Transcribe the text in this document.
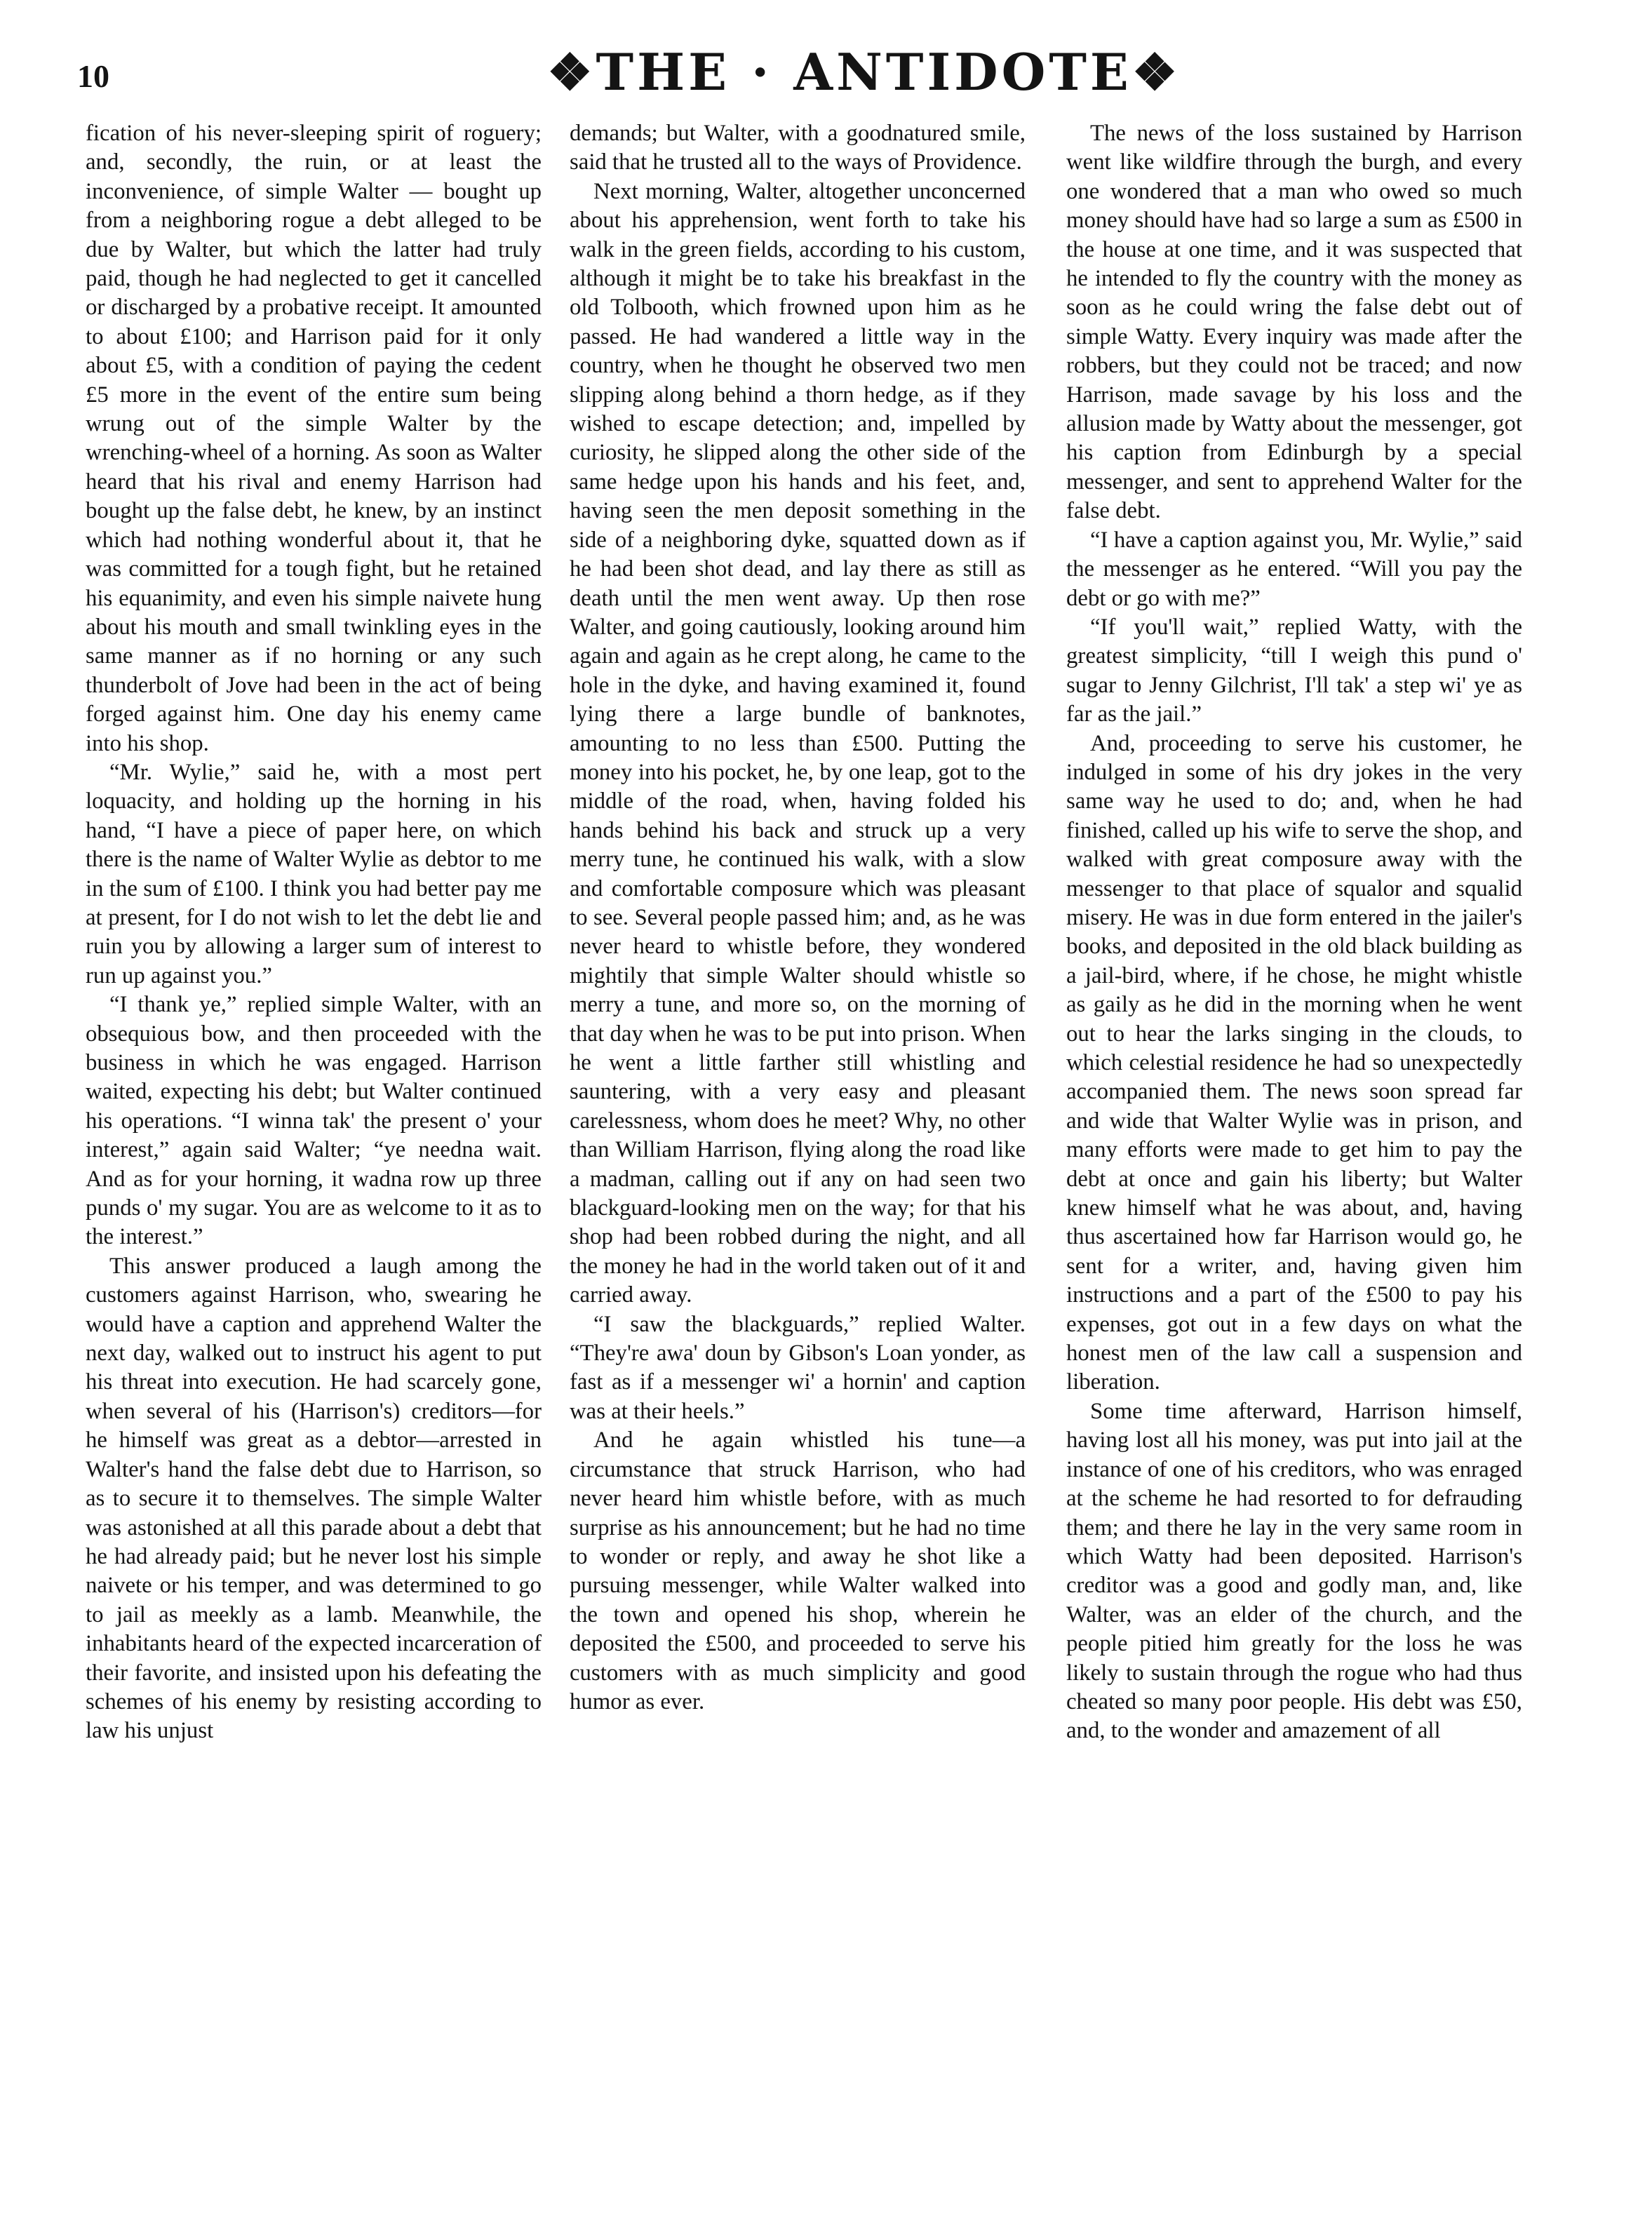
10	❖THE · ANTIDOTE❖

fication of his never-sleeping spirit of roguery; and, secondly, the ruin, or at least the inconvenience, of simple Walter — bought up from a neighboring rogue a debt alleged to be due by Walter, but which the latter had truly paid, though he had neglected to get it cancelled or discharged by a probative receipt. It amounted to about £100; and Harrison paid for it only about £5, with a condition of paying the cedent £5 more in the event of the entire sum being wrung out of the simple Walter by the wrenching-wheel of a horning. As soon as Walter heard that his rival and enemy Harrison had bought up the false debt, he knew, by an instinct which had nothing wonderful about it, that he was committed for a tough fight, but he retained his equanimity, and even his simple naivete hung about his mouth and small twinkling eyes in the same manner as if no horning or any such thunderbolt of Jove had been in the act of being forged against him. One day his enemy came into his shop.

“Mr. Wylie,” said he, with a most pert loquacity, and holding up the horning in his hand, “I have a piece of paper here, on which there is the name of Walter Wylie as debtor to me in the sum of £100. I think you had better pay me at present, for I do not wish to let the debt lie and ruin you by allowing a larger sum of interest to run up against you.”

“I thank ye,” replied simple Walter, with an obsequious bow, and then proceeded with the business in which he was engaged. Harrison waited, expecting his debt; but Walter continued his operations. “I winna tak' the present o' your interest,” again said Walter; “ye needna wait. And as for your horning, it wadna row up three punds o' my sugar. You are as welcome to it as to the interest.”

This answer produced a laugh among the customers against Harrison, who, swearing he would have a caption and apprehend Walter the next day, walked out to instruct his agent to put his threat into execution. He had scarcely gone, when several of his (Harrison's) creditors—for he himself was great as a debtor—arrested in Walter's hand the false debt due to Harrison, so as to secure it to themselves. The simple Walter was astonished at all this parade about a debt that he had already paid; but he never lost his simple naivete or his temper, and was determined to go to jail as meekly as a lamb. Meanwhile, the inhabitants heard of the expected incarceration of their favorite, and insisted upon his defeating the schemes of his enemy by resisting according to law his unjust

demands; but Walter, with a goodnatured smile, said that he trusted all to the ways of Providence.

Next morning, Walter, altogether unconcerned about his apprehension, went forth to take his walk in the green fields, according to his custom, although it might be to take his breakfast in the old Tolbooth, which frowned upon him as he passed. He had wandered a little way in the country, when he thought he observed two men slipping along behind a thorn hedge, as if they wished to escape detection; and, impelled by curiosity, he slipped along the other side of the same hedge upon his hands and his feet, and, having seen the men deposit something in the side of a neighboring dyke, squatted down as if he had been shot dead, and lay there as still as death until the men went away. Up then rose Walter, and going cautiously, looking around him again and again as he crept along, he came to the hole in the dyke, and having examined it, found lying there a large bundle of banknotes, amounting to no less than £500. Putting the money into his pocket, he, by one leap, got to the middle of the road, when, having folded his hands behind his back and struck up a very merry tune, he continued his walk, with a slow and comfortable composure which was pleasant to see. Several people passed him; and, as he was never heard to whistle before, they wondered mightily that simple Walter should whistle so merry a tune, and more so, on the morning of that day when he was to be put into prison. When he went a little farther still whistling and sauntering, with a very easy and pleasant carelessness, whom does he meet? Why, no other than William Harrison, flying along the road like a madman, calling out if any on had seen two blackguard-looking men on the way; for that his shop had been robbed during the night, and all the money he had in the world taken out of it and carried away.

“I saw the blackguards,” replied Walter. “They're awa' doun by Gibson's Loan yonder, as fast as if a messenger wi' a hornin' and caption was at their heels.”

And he again whistled his tune—a circumstance that struck Harrison, who had never heard him whistle before, with as much surprise as his announcement; but he had no time to wonder or reply, and away he shot like a pursuing messenger, while Walter walked into the town and opened his shop, wherein he deposited the £500, and proceeded to serve his customers with as much simplicity and good humor as ever.

The news of the loss sustained by Harrison went like wildfire through the burgh, and every one wondered that a man who owed so much money should have had so large a sum as £500 in the house at one time, and it was suspected that he intended to fly the country with the money as soon as he could wring the false debt out of simple Watty. Every inquiry was made after the robbers, but they could not be traced; and now Harrison, made savage by his loss and the allusion made by Watty about the messenger, got his caption from Edinburgh by a special messenger, and sent to apprehend Walter for the false debt.

“I have a caption against you, Mr. Wylie,” said the messenger as he entered. “Will you pay the debt or go with me?”

“If you'll wait,” replied Watty, with the greatest simplicity, “till I weigh this pund o' sugar to Jenny Gilchrist, I'll tak' a step wi' ye as far as the jail.”

And, proceeding to serve his customer, he indulged in some of his dry jokes in the very same way he used to do; and, when he had finished, called up his wife to serve the shop, and walked with great composure away with the messenger to that place of squalor and squalid misery. He was in due form entered in the jailer's books, and deposited in the old black building as a jail-bird, where, if he chose, he might whistle as gaily as he did in the morning when he went out to hear the larks singing in the clouds, to which celestial residence he had so unexpectedly accompanied them. The news soon spread far and wide that Walter Wylie was in prison, and many efforts were made to get him to pay the debt at once and gain his liberty; but Walter knew himself what he was about, and, having thus ascertained how far Harrison would go, he sent for a writer, and, having given him instructions and a part of the £500 to pay his expenses, got out in a few days on what the honest men of the law call a suspension and liberation.

Some time afterward, Harrison himself, having lost all his money, was put into jail at the instance of one of his creditors, who was enraged at the scheme he had resorted to for defrauding them; and there he lay in the very same room in which Watty had been deposited. Harrison's creditor was a good and godly man, and, like Walter, was an elder of the church, and the people pitied him greatly for the loss he was likely to sustain through the rogue who had thus cheated so many poor people. His debt was £50, and, to the wonder and amazement of all
